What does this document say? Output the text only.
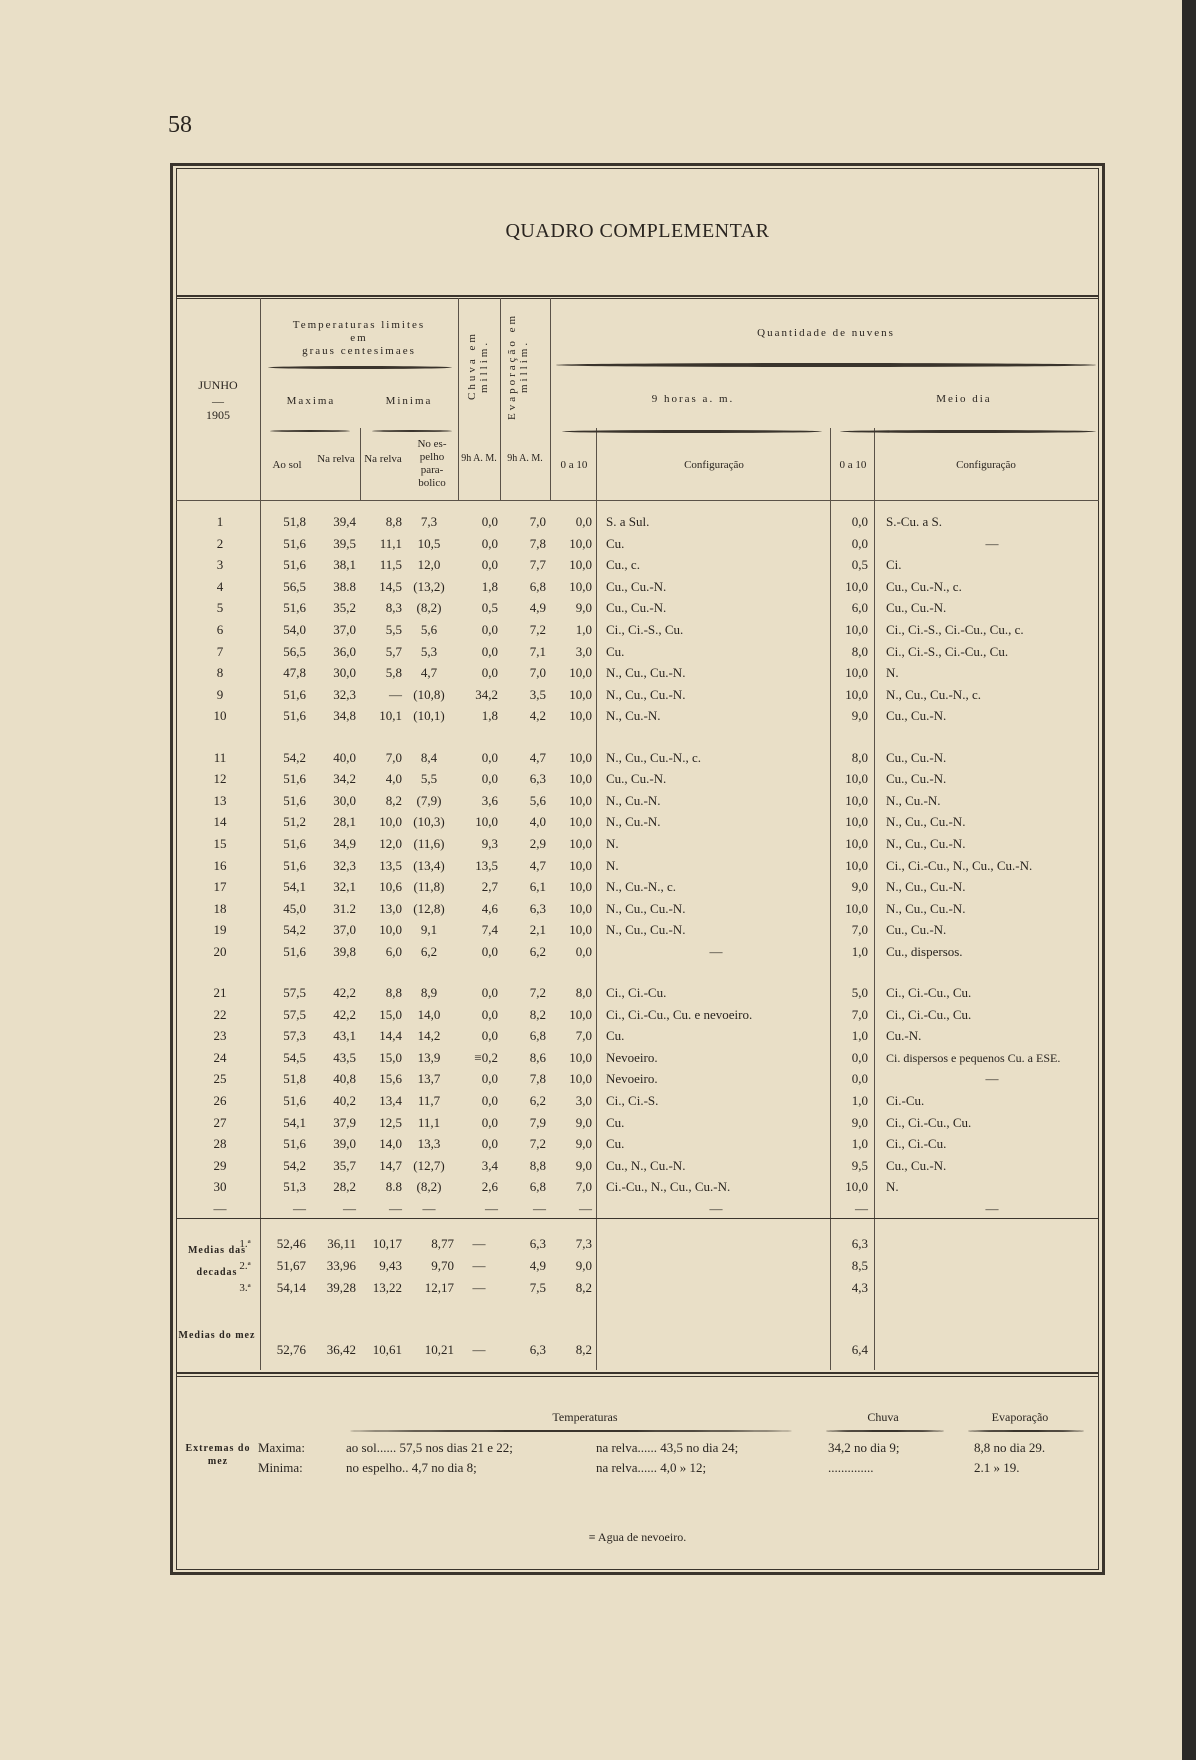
58
QUADRO COMPLEMENTAR
JUNHO
—
1905
Temperaturas limites
em
graus centesimaes
Maxima	Minima
Ao sol	Na relva Na relva
No es- pelho para- bolico
Chuva em millim.	Evaporação em millim.
9h A. M.	9h A. M.
Quantidade de nuvens
9 horas a. m.	Meio dia
0 a 10	Configuração	0 a 10	Configuração
1	51,8	39,4	8,8	7,3	0,0	7,0	0,0 S. a Sul.	0,0 S.-Cu. a S.
2	51,6	39,5	11,1	10,5	0,0	7,8	10,0 Cu.	0,0	—
3	51,6	38,1	11,5	12,0	0,0	7,7	10,0 Cu., c.	0,5 Ci.
4	56,5	38.8	14,5 (13,2)	1,8	6,8	10,0 Cu., Cu.-N.	10,0 Cu., Cu.-N., c.
5	51,6	35,2	8,3	(8,2)	0,5	4,9	9,0 Cu., Cu.-N.	6,0 Cu., Cu.-N.
6	54,0	37,0	5,5	5,6	0,0	7,2	1,0 Ci., Ci.-S., Cu.	10,0 Ci., Ci.-S., Ci.-Cu., Cu., c.
7	56,5	36,0	5,7	5,3	0,0	7,1	3,0 Cu.	8,0 Ci., Ci.-S., Ci.-Cu., Cu.
8	47,8	30,0	5,8	4,7	0,0	7,0	10,0 N., Cu., Cu.-N.	10,0 N.
9	51,6	32,3	— (10,8)	34,2	3,5	10,0 N., Cu., Cu.-N.	10,0 N., Cu., Cu.-N., c.
10	51,6	34,8	10,1 (10,1)	1,8	4,2	10,0 N., Cu.-N.	9,0 Cu., Cu.-N.
11	54,2	40,0	7,0	8,4	0,0	4,7	10,0 N., Cu., Cu.-N., c.	8,0 Cu., Cu.-N.
12	51,6	34,2	4,0	5,5	0,0	6,3	10,0 Cu., Cu.-N.	10,0 Cu., Cu.-N.
13	51,6	30,0	8,2	(7,9)	3,6	5,6	10,0 N., Cu.-N.	10,0 N., Cu.-N.
14	51,2	28,1	10,0 (10,3)	10,0	4,0	10,0 N., Cu.-N.	10,0 N., Cu., Cu.-N.
15	51,6	34,9	12,0 (11,6)	9,3	2,9	10,0 N.	10,0 N., Cu., Cu.-N.
16	51,6	32,3	13,5 (13,4)	13,5	4,7	10,0 N.	10,0 Ci., Ci.-Cu., N., Cu., Cu.-N.
17	54,1	32,1	10,6 (11,8)	2,7	6,1	10,0 N., Cu.-N., c.	9,0 N., Cu., Cu.-N.
18	45,0	31.2	13,0 (12,8)	4,6	6,3	10,0 N., Cu., Cu.-N.	10,0 N., Cu., Cu.-N.
19	54,2	37,0	10,0	9,1	7,4	2,1	10,0 N., Cu., Cu.-N.	7,0 Cu., Cu.-N.
20	51,6	39,8	6,0	6,2	0,0	6,2	0,0	—	1,0 Cu., dispersos.
21	57,5	42,2	8,8	8,9	0,0	7,2	8,0 Ci., Ci.-Cu.	5,0 Ci., Ci.-Cu., Cu.
22	57,5	42,2	15,0	14,0	0,0	8,2	10,0 Ci., Ci.-Cu., Cu. e nevoeiro.	7,0 Ci., Ci.-Cu., Cu.
23	57,3	43,1	14,4	14,2	0,0	6,8	7,0 Cu.	1,0 Cu.-N.
24	54,5	43,5	15,0	13,9	≡0,2	8,6	10,0 Nevoeiro.	0,0 Ci. dispersos e pequenos Cu. a ESE.
25	51,8	40,8	15,6	13,7	0,0	7,8	10,0 Nevoeiro.	0,0	—
26	51,6	40,2	13,4	11,7	0,0	6,2	3,0 Ci., Ci.-S.	1,0 Ci.-Cu.
27	54,1	37,9	12,5	11,1	0,0	7,9	9,0 Cu.	9,0 Ci., Ci.-Cu., Cu.
28	51,6	39,0	14,0	13,3	0,0	7,2	9,0 Cu.	1,0 Ci., Ci.-Cu.
29	54,2	35,7	14,7 (12,7)	3,4	8,8	9,0 Cu., N., Cu.-N.	9,5 Cu., Cu.-N.
30	51,3	28,2	8.8	(8,2)	2,6	6,8	7,0 Ci.-Cu., N., Cu., Cu.-N.	10,0 N.
—	—	—	—	—	—	—	—	—	—	—
Medias das decadas
1.ª	52,46	36,11	10,17	8,77	—	6,3	7,3	6,3
2.ª	51,67	33,96	9,43	9,70	—	4,9	9,0	8,5
3.ª	54,14	39,28	13,22	12,17	—	7,5	8,2	4,3
Medias do mez
52,76	36,42	10,61	10,21	—	6,3	8,2	6,4
Temperaturas	Chuva	Evaporação
Extremas do mez
Maxima:
Minima:
ao sol...... 57,5 nos dias 21 e 22;	na relva...... 43,5 no dia 24;	34,2 no dia 9;	8,8 no dia 29.
no espelho.. 4,7 no dia 8;	na relva...... 4,0 » 12;	..............	2.1 » 19.
≡ Agua de nevoeiro.
